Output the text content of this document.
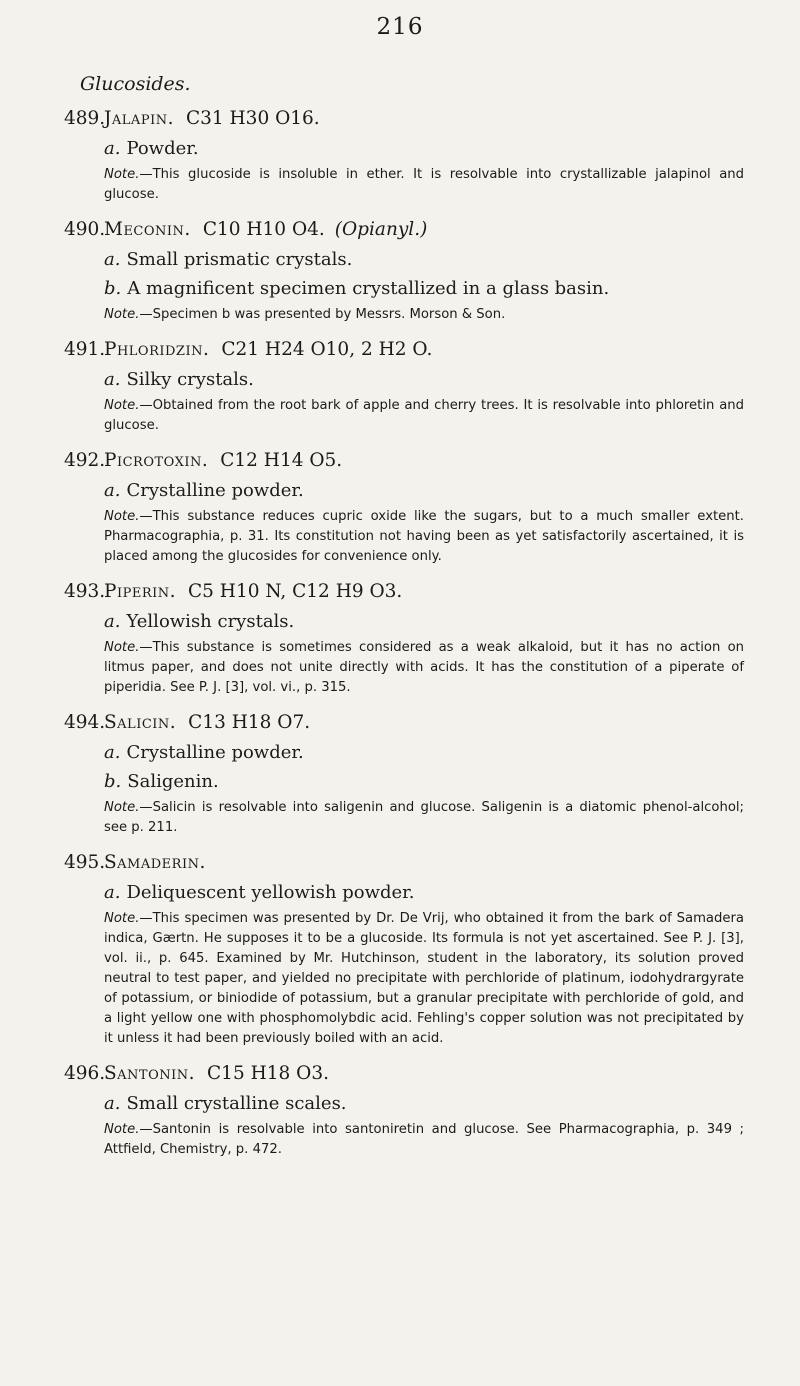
216
Glucosides.
489.Jalapin. C31 H30 O16.
a. Powder.
Note.—This glucoside is insoluble in ether. It is resolvable into crystallizable jalapinol and glucose.
490.Meconin. C10 H10 O4. (Opianyl.)
a. Small prismatic crystals.
b. A magnificent specimen crystallized in a glass basin.
Note.—Specimen b was presented by Messrs. Morson & Son.
491.Phloridzin. C21 H24 O10, 2 H2 O.
a. Silky crystals.
Note.—Obtained from the root bark of apple and cherry trees. It is resolvable into phloretin and glucose.
492.Picrotoxin. C12 H14 O5.
a. Crystalline powder.
Note.—This substance reduces cupric oxide like the sugars, but to a much smaller extent. Pharmacographia, p. 31. Its constitution not having been as yet satisfactorily ascertained, it is placed among the glucosides for convenience only.
493.Piperin. C5 H10 N, C12 H9 O3.
a. Yellowish crystals.
Note.—This substance is sometimes considered as a weak alkaloid, but it has no action on litmus paper, and does not unite directly with acids. It has the constitution of a piperate of piperidia. See P. J. [3], vol. vi., p. 315.
494.Salicin. C13 H18 O7.
a. Crystalline powder.
b. Saligenin.
Note.—Salicin is resolvable into saligenin and glucose. Saligenin is a diatomic phenol-alcohol; see p. 211.
495.Samaderin.
a. Deliquescent yellowish powder.
Note.—This specimen was presented by Dr. De Vrij, who obtained it from the bark of Samadera indica, Gærtn. He supposes it to be a glucoside. Its formula is not yet ascertained. See P. J. [3], vol. ii., p. 645. Examined by Mr. Hutchinson, student in the laboratory, its solution proved neutral to test paper, and yielded no precipitate with perchloride of platinum, iodohydrargyrate of potassium, or biniodide of potassium, but a granular precipitate with perchloride of gold, and a light yellow one with phosphomolybdic acid. Fehling's copper solution was not precipitated by it unless it had been previously boiled with an acid.
496.Santonin. C15 H18 O3.
a. Small crystalline scales.
Note.—Santonin is resolvable into santoniretin and glucose. See Pharmacographia, p. 349 ; Attfield, Chemistry, p. 472.
